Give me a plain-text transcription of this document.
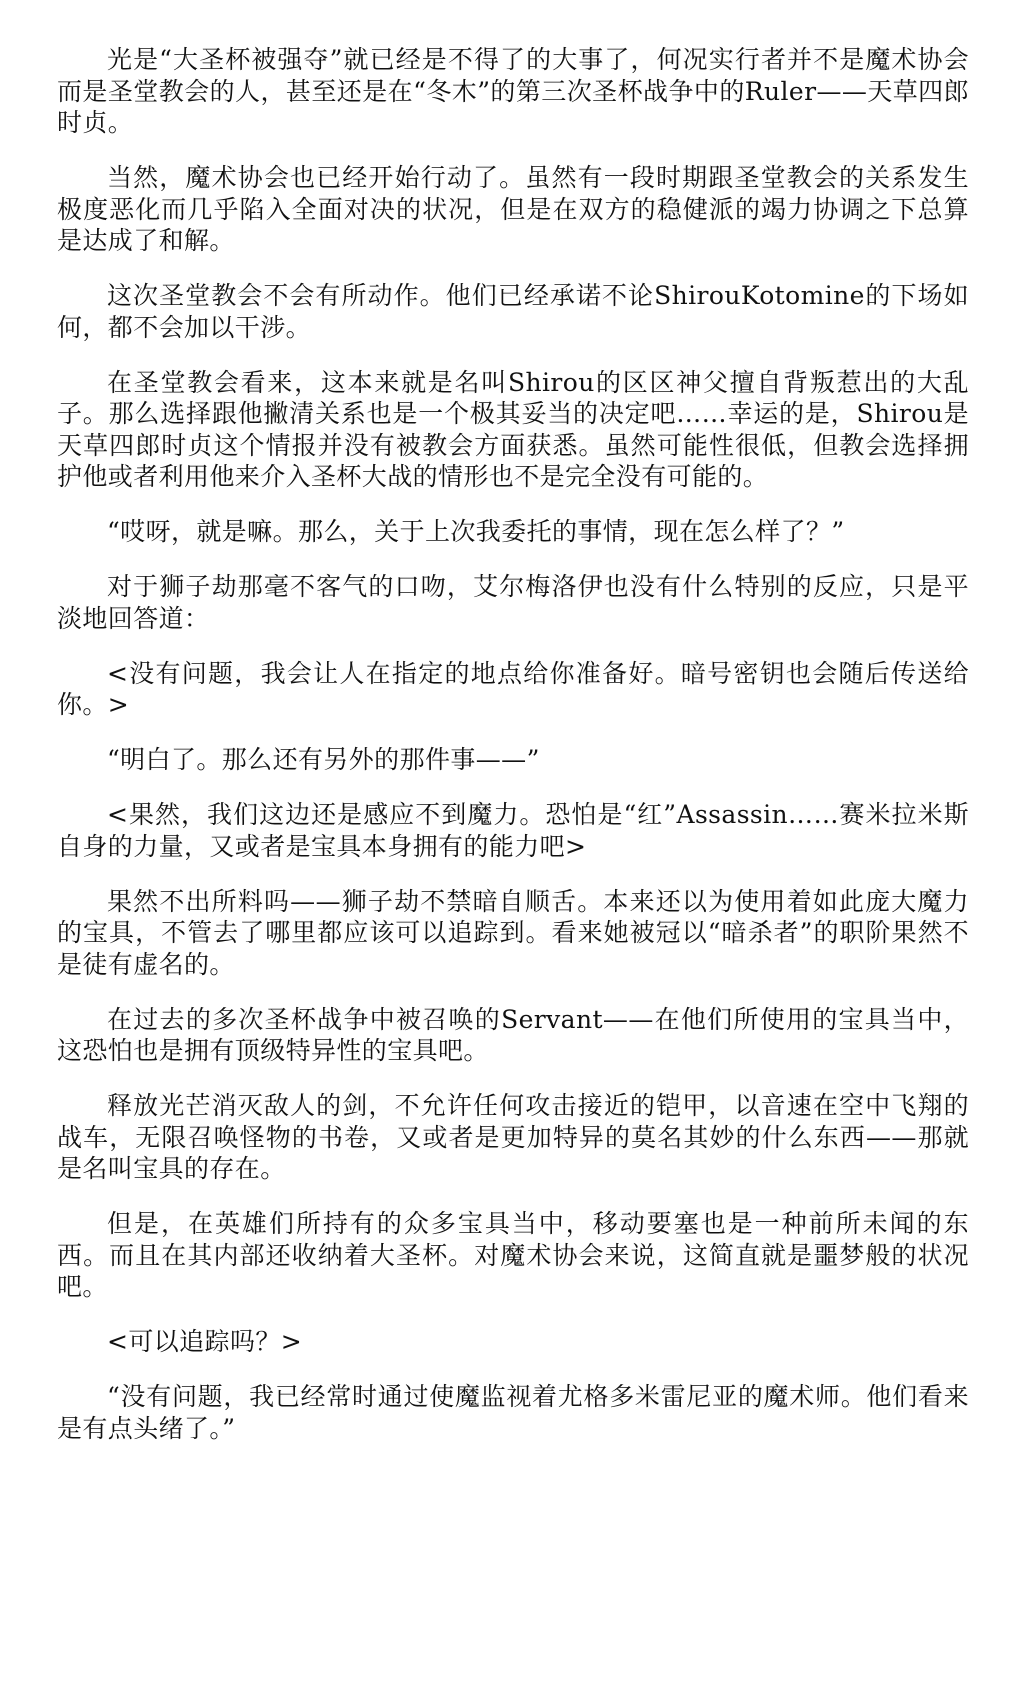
光是“大圣杯被强夺”就已经是不得了的大事了，何况实行者并不是魔术协会而是圣堂教会的人，甚至还是在“冬木”的第三次圣杯战争中的Ruler——天草四郎时贞。

当然，魔术协会也已经开始行动了。虽然有一段时期跟圣堂教会的关系发生极度恶化而几乎陷入全面对决的状况，但是在双方的稳健派的竭力协调之下总算是达成了和解。

这次圣堂教会不会有所动作。他们已经承诺不论ShirouKotomine的下场如何，都不会加以干涉。

在圣堂教会看来，这本来就是名叫Shirou的区区神父擅自背叛惹出的大乱子。那么选择跟他撇清关系也是一个极其妥当的决定吧……幸运的是，Shirou是天草四郎时贞这个情报并没有被教会方面获悉。虽然可能性很低，但教会选择拥护他或者利用他来介入圣杯大战的情形也不是完全没有可能的。

“哎呀，就是嘛。那么，关于上次我委托的事情，现在怎么样了？”

对于狮子劫那毫不客气的口吻，艾尔梅洛伊也没有什么特别的反应，只是平淡地回答道：

<没有问题，我会让人在指定的地点给你准备好。暗号密钥也会随后传送给你。>

“明白了。那么还有另外的那件事——”

<果然，我们这边还是感应不到魔力。恐怕是“红”Assassin……赛米拉米斯自身的力量，又或者是宝具本身拥有的能力吧>

果然不出所料吗——狮子劫不禁暗自顺舌。本来还以为使用着如此庞大魔力的宝具，不管去了哪里都应该可以追踪到。看来她被冠以“暗杀者”的职阶果然不是徒有虚名的。

在过去的多次圣杯战争中被召唤的Servant——在他们所使用的宝具当中，这恐怕也是拥有顶级特异性的宝具吧。

释放光芒消灭敌人的剑，不允许任何攻击接近的铠甲，以音速在空中飞翔的战车，无限召唤怪物的书卷，又或者是更加特异的莫名其妙的什么东西——那就是名叫宝具的存在。

但是，在英雄们所持有的众多宝具当中，移动要塞也是一种前所未闻的东西。而且在其内部还收纳着大圣杯。对魔术协会来说，这简直就是噩梦般的状况吧。

<可以追踪吗？>

“没有问题，我已经常时通过使魔监视着尤格多米雷尼亚的魔术师。他们看来是有点头绪了。”
